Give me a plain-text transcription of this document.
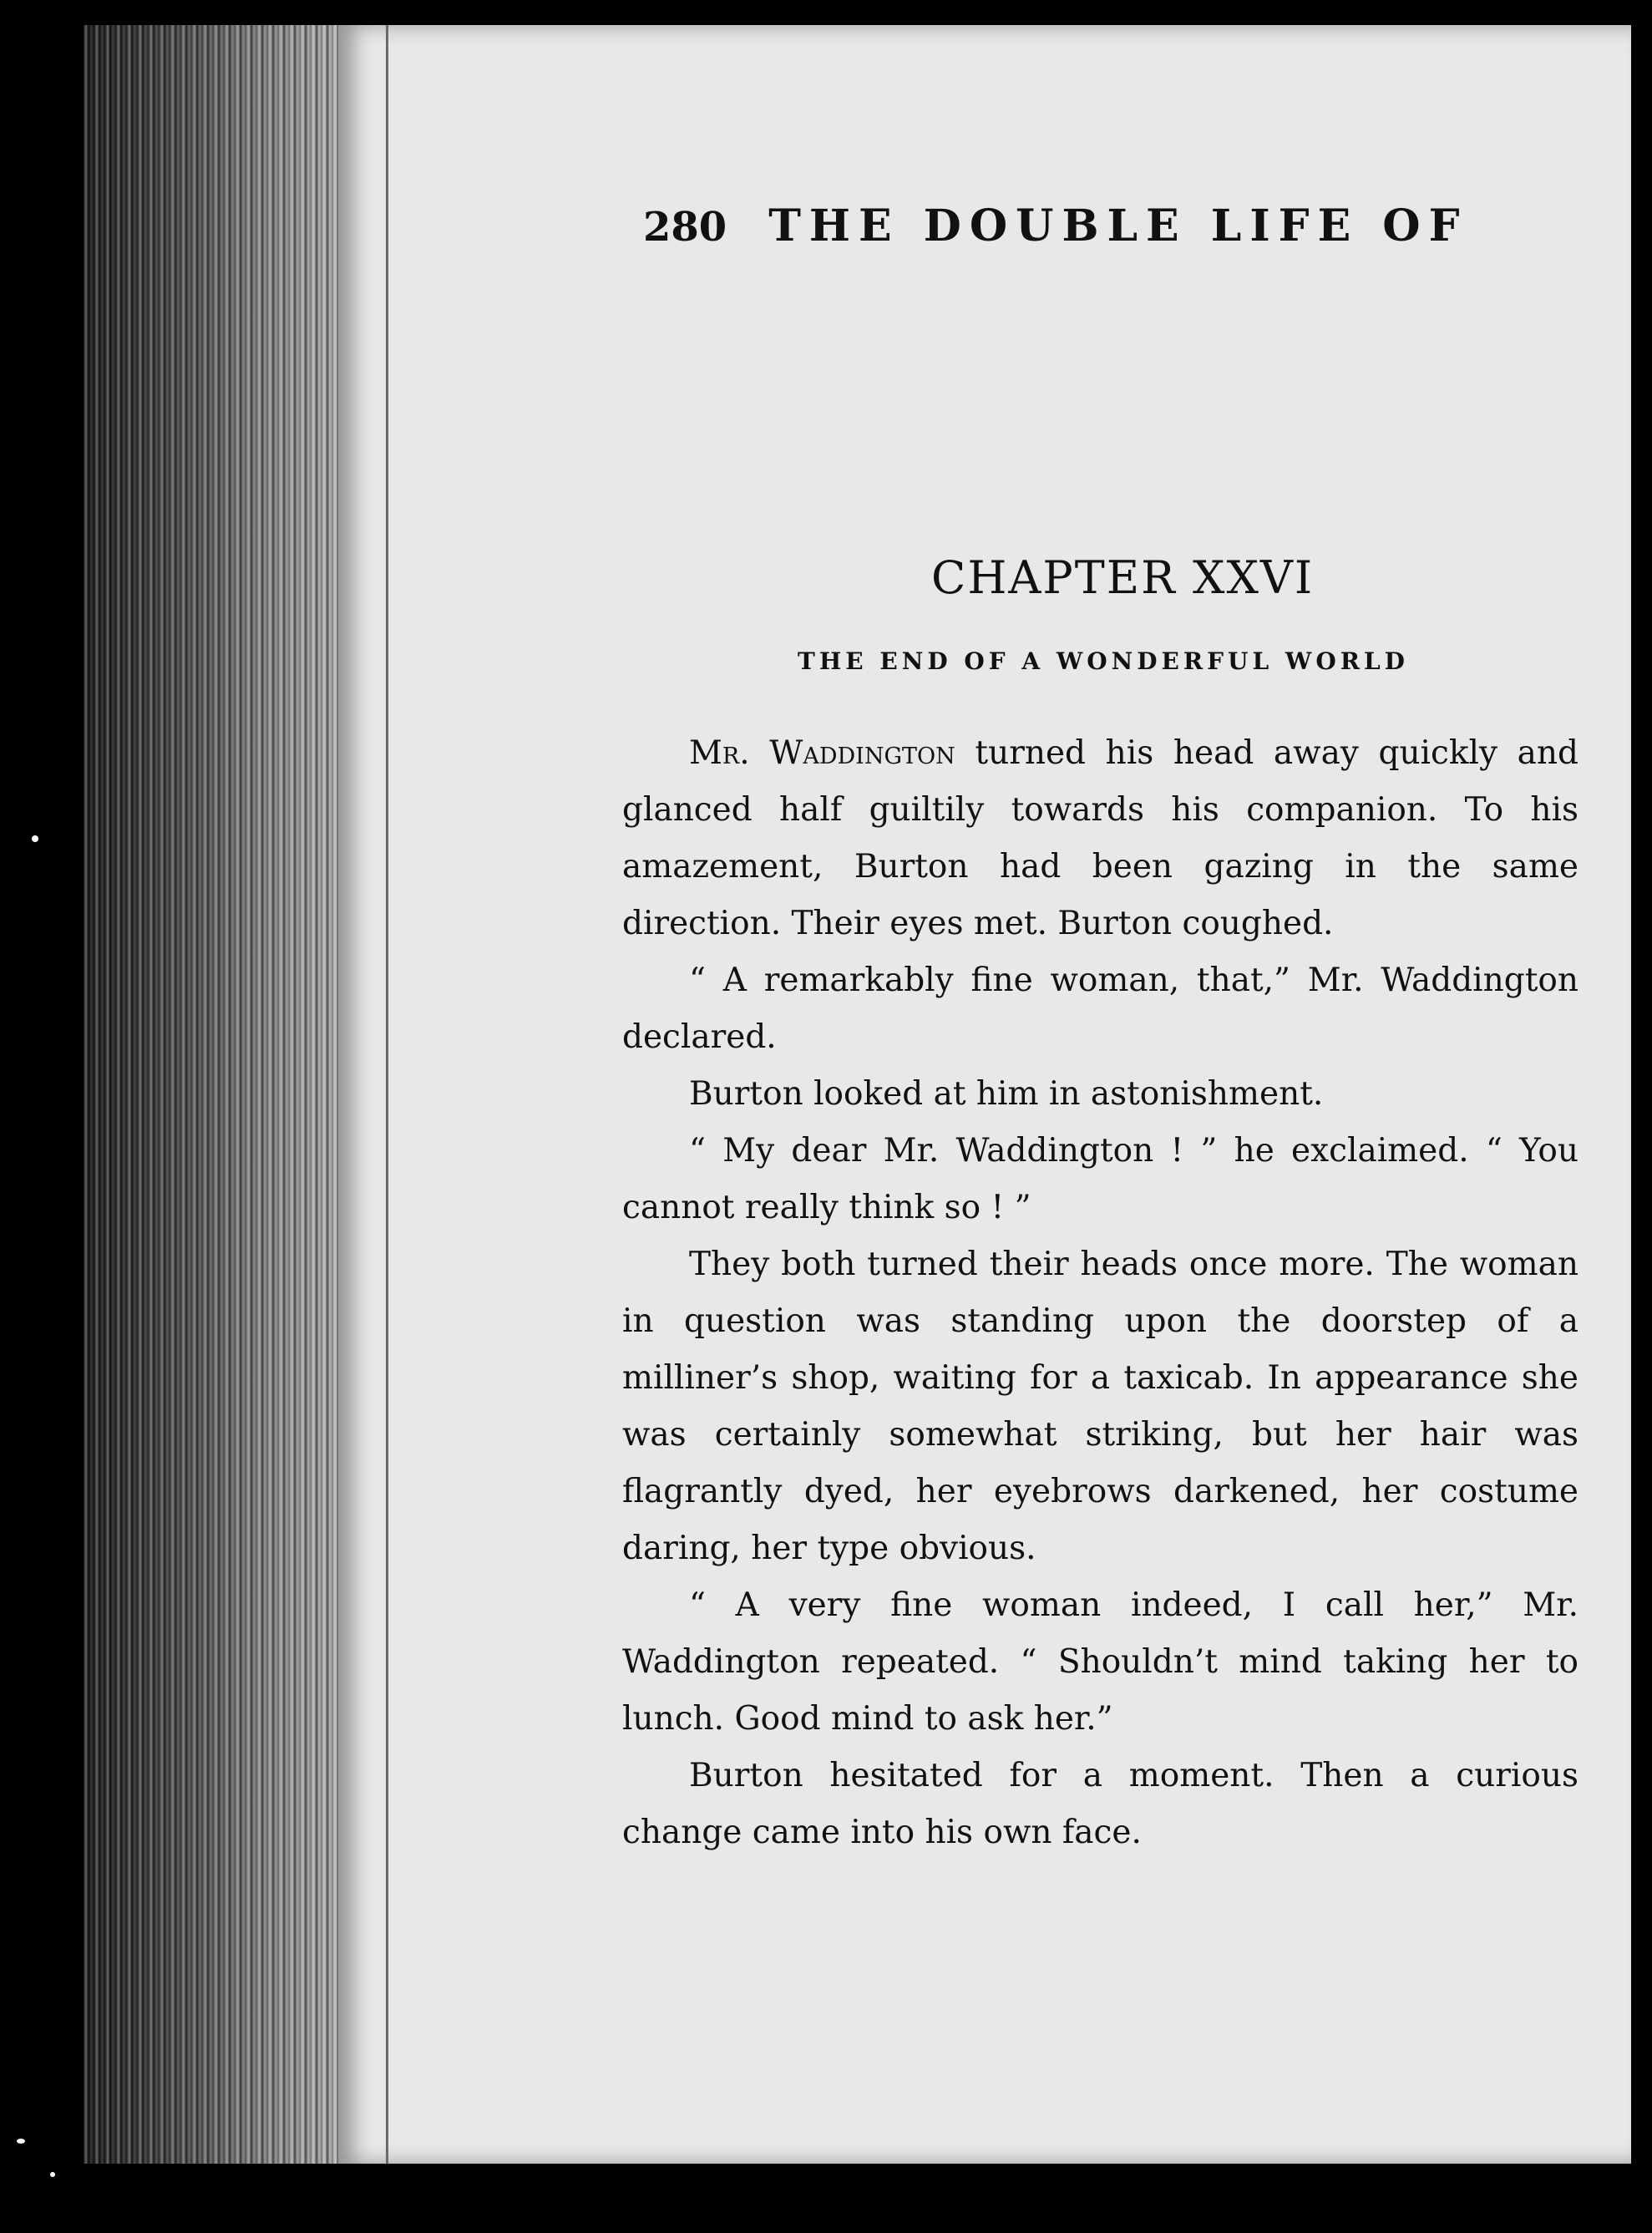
280 THE DOUBLE LIFE OF
CHAPTER XXVI
THE END OF A WONDERFUL WORLD

Mr. Waddington turned his head away quickly and glanced half guiltily towards his companion. To his amazement, Burton had been gazing in the same direction. Their eyes met. Burton coughed.

“ A remarkably fine woman, that,” Mr. Waddington declared.

Burton looked at him in astonishment.

“ My dear Mr. Waddington ! ” he exclaimed. “ You cannot really think so ! ”

They both turned their heads once more. The woman in question was standing upon the doorstep of a milliner’s shop, waiting for a taxicab. In appearance she was certainly somewhat striking, but her hair was flagrantly dyed, her eyebrows darkened, her costume daring, her type obvious.

“ A very fine woman indeed, I call her,” Mr. Waddington repeated. “ Shouldn’t mind taking her to lunch. Good mind to ask her.”

Burton hesitated for a moment. Then a curious change came into his own face.
